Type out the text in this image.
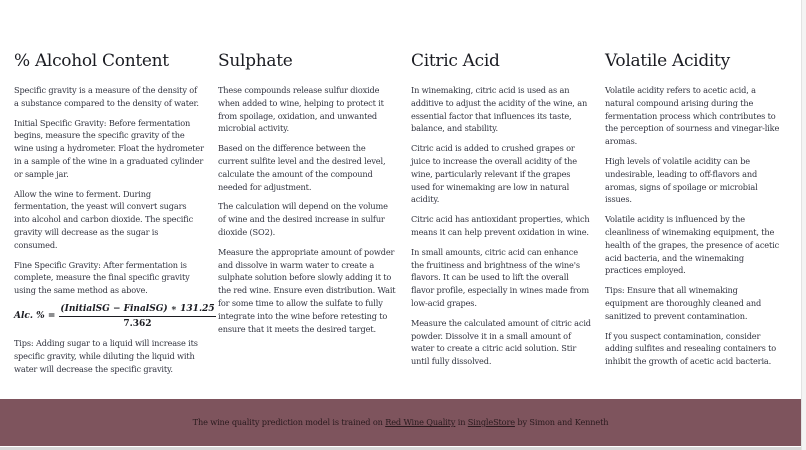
% Alcohol Content

Specific gravity is a measure of the density of a substance compared to the density of water.

Initial Specific Gravity: Before fermentation begins, measure the specific gravity of the wine using a hydrometer. Float the hydrometer in a sample of the wine in a graduated cylinder or sample jar.

Allow the wine to ferment. During fermentation, the yeast will convert sugars into alcohol and carbon dioxide. The specific gravity will decrease as the sugar is consumed.

Fine Specific Gravity: After fermentation is complete, measure the final specific gravity using the same method as above.

Alc. % = $\frac{\text{(InitialSG − FinalSG) ∗ 131.25}}{7.362}$

Tips: Adding sugar to a liquid will increase its specific gravity, while diluting the liquid with water will decrease the specific gravity.

Sulphate

These compounds release sulfur dioxide when added to wine, helping to protect it from spoilage, oxidation, and unwanted microbial activity.

Based on the difference between the current sulfite level and the desired level, calculate the amount of the compound needed for adjustment.

The calculation will depend on the volume of wine and the desired increase in sulfur dioxide (SO2).

Measure the appropriate amount of powder and dissolve in warm water to create a sulphate solution before slowly adding it to the red wine. Ensure even distribution. Wait for some time to allow the sulfate to fully integrate into the wine before retesting to ensure that it meets the desired target.

Citric Acid

In winemaking, citric acid is used as an additive to adjust the acidity of the wine, an essential factor that influences its taste, balance, and stability.

Citric acid is added to crushed grapes or juice to increase the overall acidity of the wine, particularly relevant if the grapes used for winemaking are low in natural acidity.

Citric acid has antioxidant properties, which means it can help prevent oxidation in wine.

In small amounts, citric acid can enhance the fruitiness and brightness of the wine's flavors. It can be used to lift the overall flavor profile, especially in wines made from low-acid grapes.

Measure the calculated amount of citric acid powder. Dissolve it in a small amount of water to create a citric acid solution. Stir until fully dissolved.

Volatile Acidity

Volatile acidity refers to acetic acid, a natural compound arising during the fermentation process which contributes to the perception of sourness and vinegar-like aromas.

High levels of volatile acidity can be undesirable, leading to off-flavors and aromas, signs of spoilage or microbial issues.

Volatile acidity is influenced by the cleanliness of winemaking equipment, the health of the grapes, the presence of acetic acid bacteria, and the winemaking practices employed.

Tips: Ensure that all winemaking equipment are thoroughly cleaned and sanitized to prevent contamination.

If you suspect contamination, consider adding sulfites and resealing containers to inhibit the growth of acetic acid bacteria.

The wine quality prediction model is trained on Red Wine Quality in SingleStore by Simon and Kenneth
